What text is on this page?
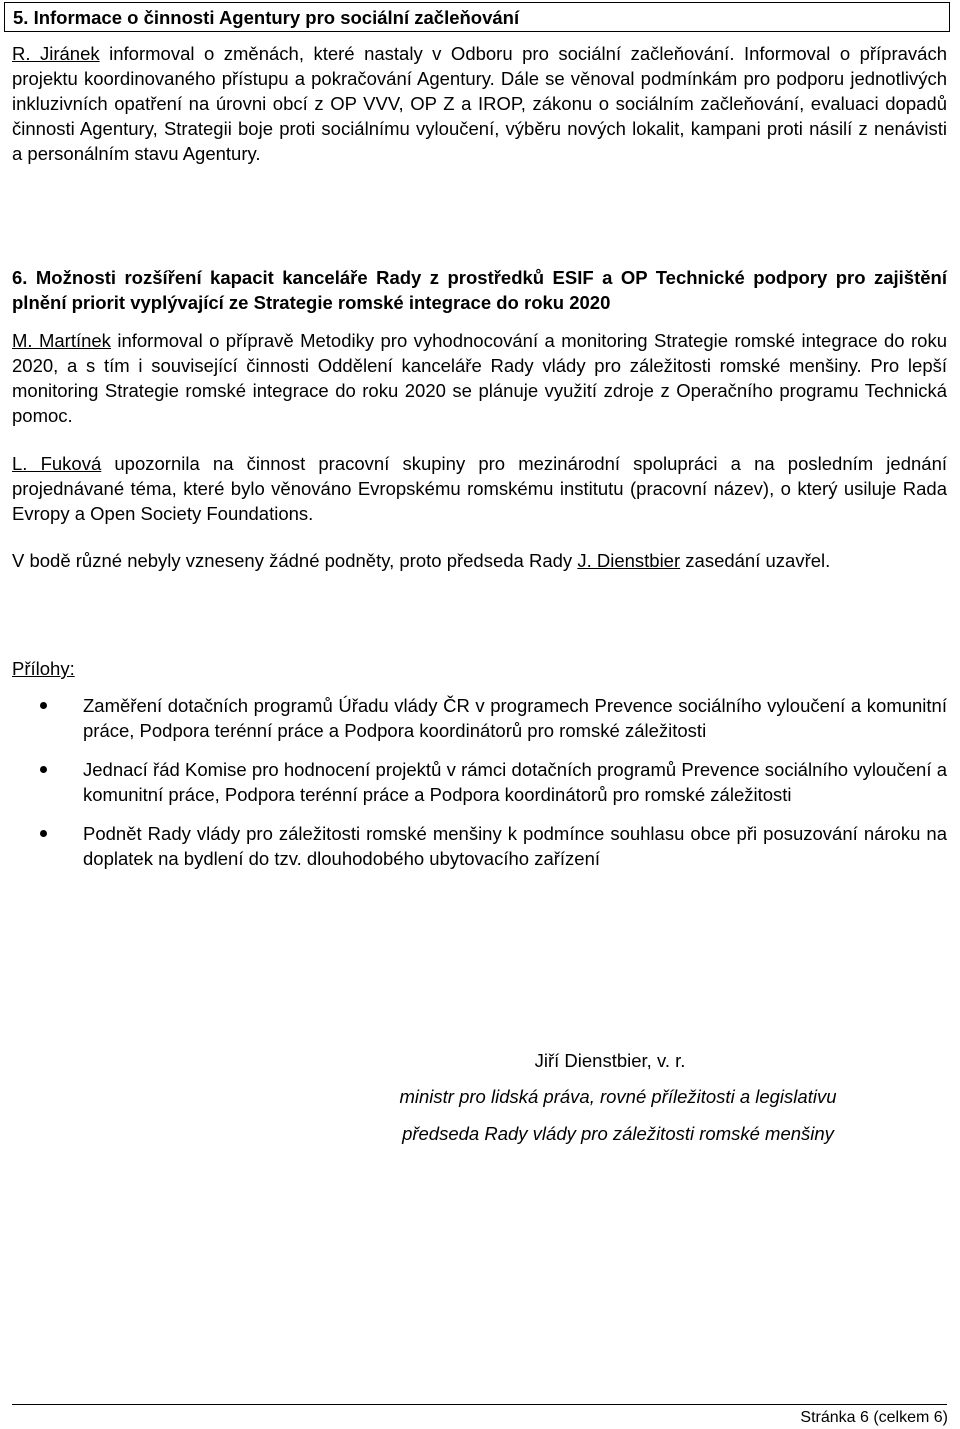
5. Informace o činnosti Agentury pro sociální začleňování

R. Jiránek informoval o změnách, které nastaly v Odboru pro sociální začleňování. Informoval o přípravách projektu koordinovaného přístupu a pokračování Agentury. Dále se věnoval podmínkám pro podporu jednotlivých inkluzivních opatření na úrovni obcí z OP VVV, OP Z a IROP, zákonu o sociálním začleňování, evaluaci dopadů činnosti Agentury, Strategii boje proti sociálnímu vyloučení, výběru nových lokalit, kampani proti násilí z nenávisti a personálním stavu Agentury.

6. Možnosti rozšíření kapacit kanceláře Rady z prostředků ESIF a OP Technické podpory pro zajištění plnění priorit vyplývající ze Strategie romské integrace do roku 2020

M. Martínek informoval o přípravě Metodiky pro vyhodnocování a monitoring Strategie romské integrace do roku 2020, a s tím i související činnosti Oddělení kanceláře Rady vlády pro záležitosti romské menšiny. Pro lepší monitoring Strategie romské integrace do roku 2020 se plánuje využití zdroje z Operačního programu Technická pomoc.

L. Fuková upozornila na činnost pracovní skupiny pro mezinárodní spolupráci a na posledním jednání projednávané téma, které bylo věnováno Evropskému romskému institutu (pracovní název), o který usiluje Rada Evropy a Open Society Foundations.

V bodě různé nebyly vzneseny žádné podněty, proto předseda Rady J. Dienstbier zasedání uzavřel.

Přílohy:
Zaměření dotačních programů Úřadu vlády ČR v programech Prevence sociálního vyloučení a komunitní práce, Podpora terénní práce a Podpora koordinátorů pro romské záležitosti
Jednací řád Komise pro hodnocení projektů v rámci dotačních programů Prevence sociálního vyloučení a komunitní práce, Podpora terénní práce a Podpora koordinátorů pro romské záležitosti
Podnět Rady vlády pro záležitosti romské menšiny k podmínce souhlasu obce při posuzování nároku na doplatek na bydlení do tzv. dlouhodobého ubytovacího zařízení
Jiří Dienstbier, v. r.
ministr pro lidská práva, rovné příležitosti a legislativu
předseda Rady vlády pro záležitosti romské menšiny
Stránka 6 (celkem 6)
